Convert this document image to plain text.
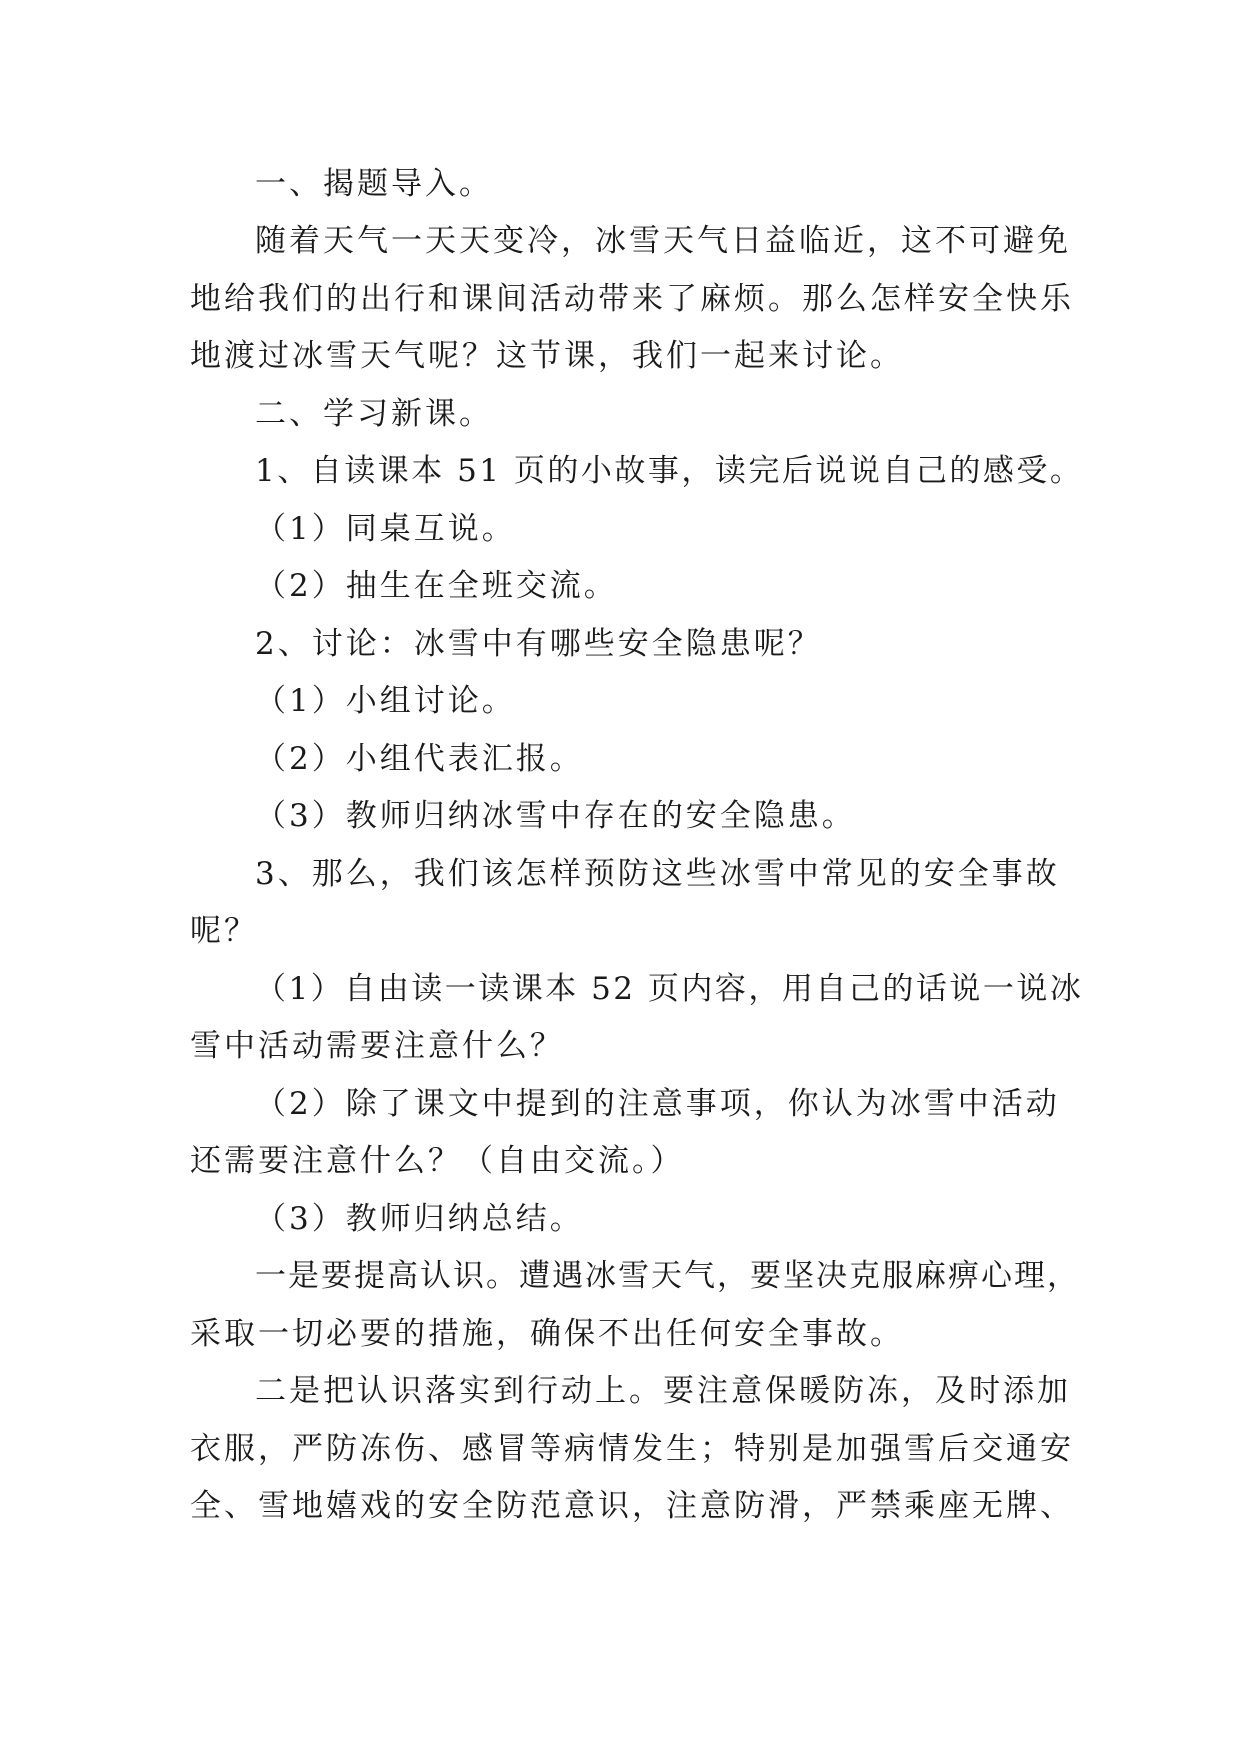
一、揭题导入。

随着天气一天天变冷，冰雪天气日益临近，这不可避免

地给我们的出行和课间活动带来了麻烦。那么怎样安全快乐

地渡过冰雪天气呢？这节课，我们一起来讨论。

二、学习新课。

1、自读课本 51 页的小故事，读完后说说自己的感受。

（1）同桌互说。

（2）抽生在全班交流。

2、讨论：冰雪中有哪些安全隐患呢？

（1）小组讨论。

（2）小组代表汇报。

（3）教师归纳冰雪中存在的安全隐患。

3、那么，我们该怎样预防这些冰雪中常见的安全事故

呢？

（1）自由读一读课本 52 页内容，用自己的话说一说冰

雪中活动需要注意什么？

（2）除了课文中提到的注意事项，你认为冰雪中活动

还需要注意什么？（自由交流。）

（3）教师归纳总结。

一是要提高认识。遭遇冰雪天气，要坚决克服麻痹心理，

采取一切必要的措施，确保不出任何安全事故。

二是把认识落实到行动上。要注意保暖防冻，及时添加

衣服，严防冻伤、感冒等病情发生；特别是加强雪后交通安

全、雪地嬉戏的安全防范意识，注意防滑，严禁乘座无牌、
